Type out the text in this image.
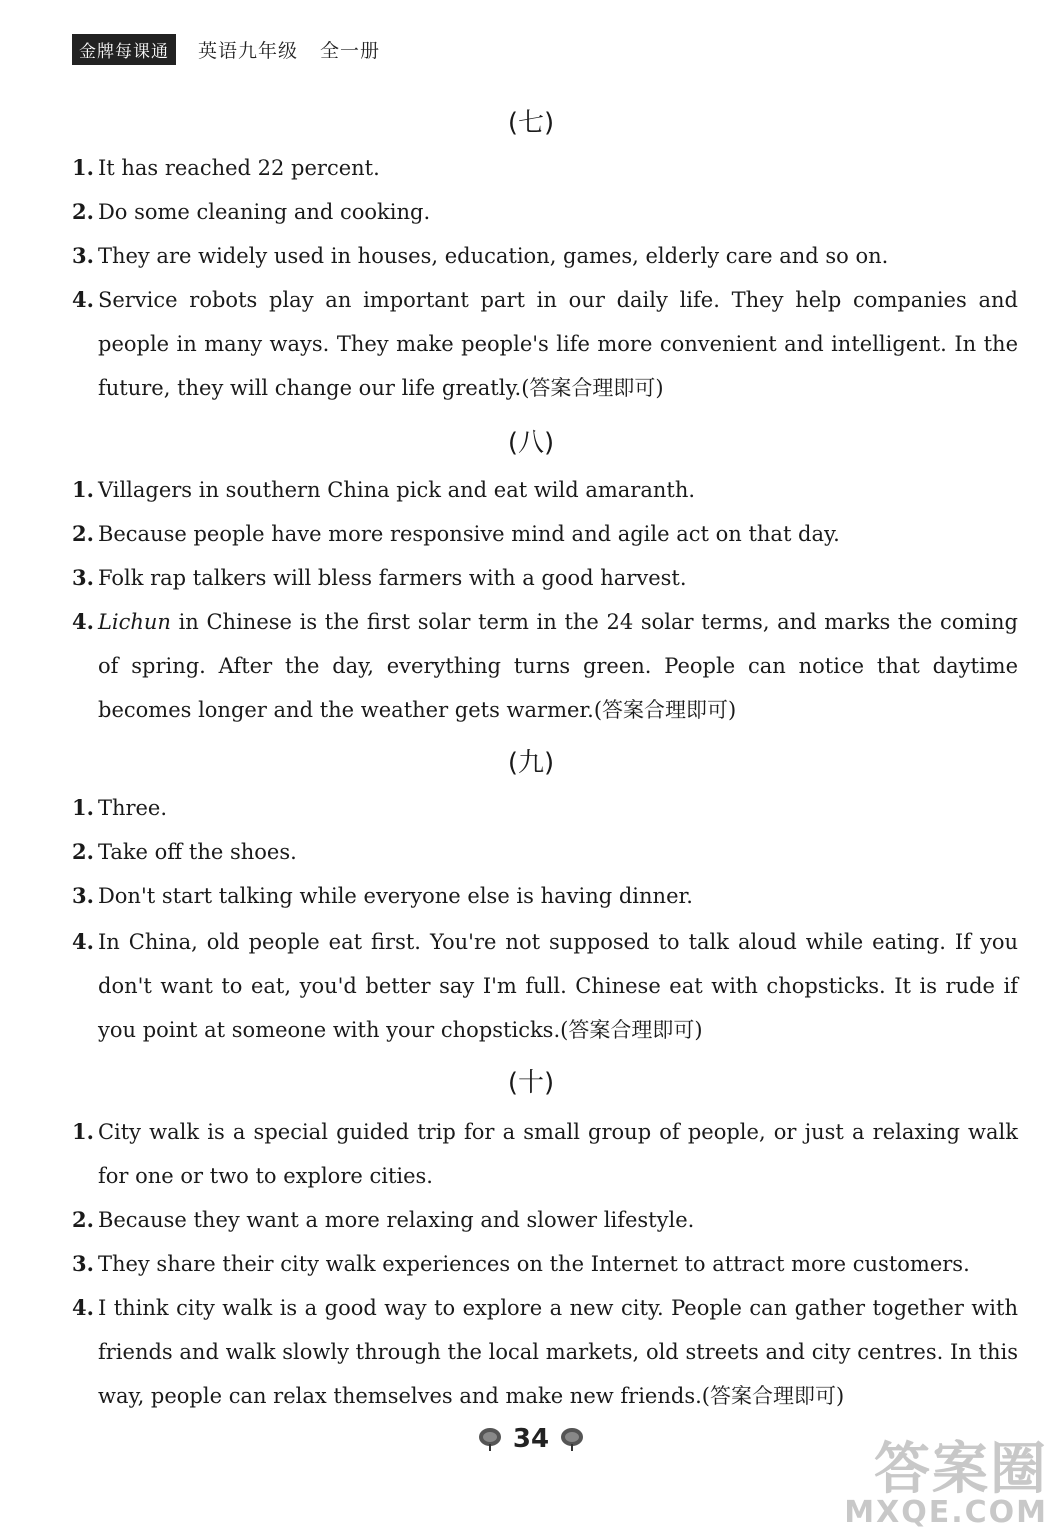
金牌每课通	英语九年级 全一册
(七)
1. It has reached 22 percent.
2. Do some cleaning and cooking.
3. They are widely used in houses, education, games, elderly care and so on.
4. Service robots play an important part in our daily life. They help companies and people in many ways. They make people's life more convenient and intelligent. In the future, they will change our life greatly.(答案合理即可)
(八)
1. Villagers in southern China pick and eat wild amaranth.
2. Because people have more responsive mind and agile act on that day.
3. Folk rap talkers will bless farmers with a good harvest.
4. Lichun in Chinese is the first solar term in the 24 solar terms, and marks the coming of spring. After the day, everything turns green. People can notice that daytime becomes longer and the weather gets warmer.(答案合理即可)
(九)
1. Three.
2. Take off the shoes.
3. Don't start talking while everyone else is having dinner.
4. In China, old people eat first. You're not supposed to talk aloud while eating. If you don't want to eat, you'd better say I'm full. Chinese eat with chopsticks. It is rude if you point at someone with your chopsticks.(答案合理即可)
(十)
1. City walk is a special guided trip for a small group of people, or just a relaxing walk for one or two to explore cities.
2. Because they want a more relaxing and slower lifestyle.
3. They share their city walk experiences on the Internet to attract more customers.
4. I think city walk is a good way to explore a new city. People can gather together with friends and walk slowly through the local markets, old streets and city centres. In this way, people can relax themselves and make new friends.(答案合理即可)
34	答案圈
MXQE.COM
